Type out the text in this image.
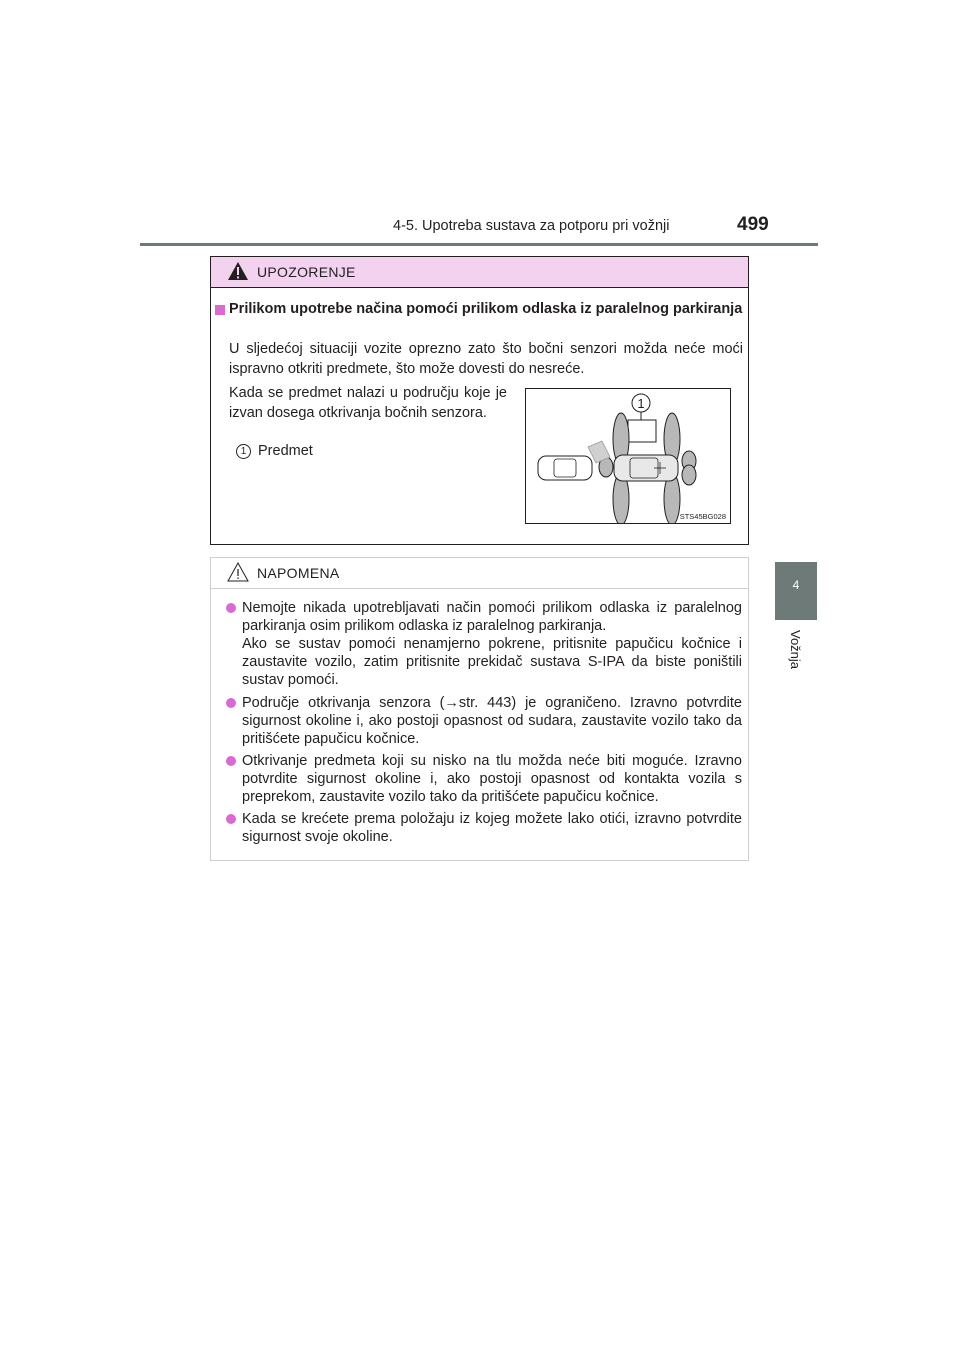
4-5. Upotreba sustava za potporu pri vožnji	499
4
Vožnja
UPOZORENJE
Prilikom upotrebe načina pomoći prilikom odlaska iz paralelnog parkiranja
U sljedećoj situaciji vozite oprezno zato što bočni senzori možda neće moći ispravno otkriti predmete, što može dovesti do nesreće.
Kada se predmet nalazi u području koje je izvan dosega otkrivanja bočnih senzora.
1 Predmet
1
STS45BG028
NAPOMENA
Nemojte nikada upotrebljavati način pomoći prilikom odlaska iz paralelnog parkiranja osim prilikom odlaska iz paralelnog parkiranja.
Ako se sustav pomoći nenamjerno pokrene, pritisnite papučicu kočnice i zaustavite vozilo, zatim pritisnite prekidač sustava S-IPA da biste poništili sustav pomoći.
Područje otkrivanja senzora (→str. 443) je ograničeno. Izravno potvrdite sigurnost okoline i, ako postoji opasnost od sudara, zaustavite vozilo tako da pritišćete papučicu kočnice.
Otkrivanje predmeta koji su nisko na tlu možda neće biti moguće. Izravno potvrdite sigurnost okoline i, ako postoji opasnost od kontakta vozila s preprekom, zaustavite vozilo tako da pritišćete papučicu kočnice.
Kada se krećete prema položaju iz kojeg možete lako otići, izravno potvrdite sigurnost svoje okoline.
